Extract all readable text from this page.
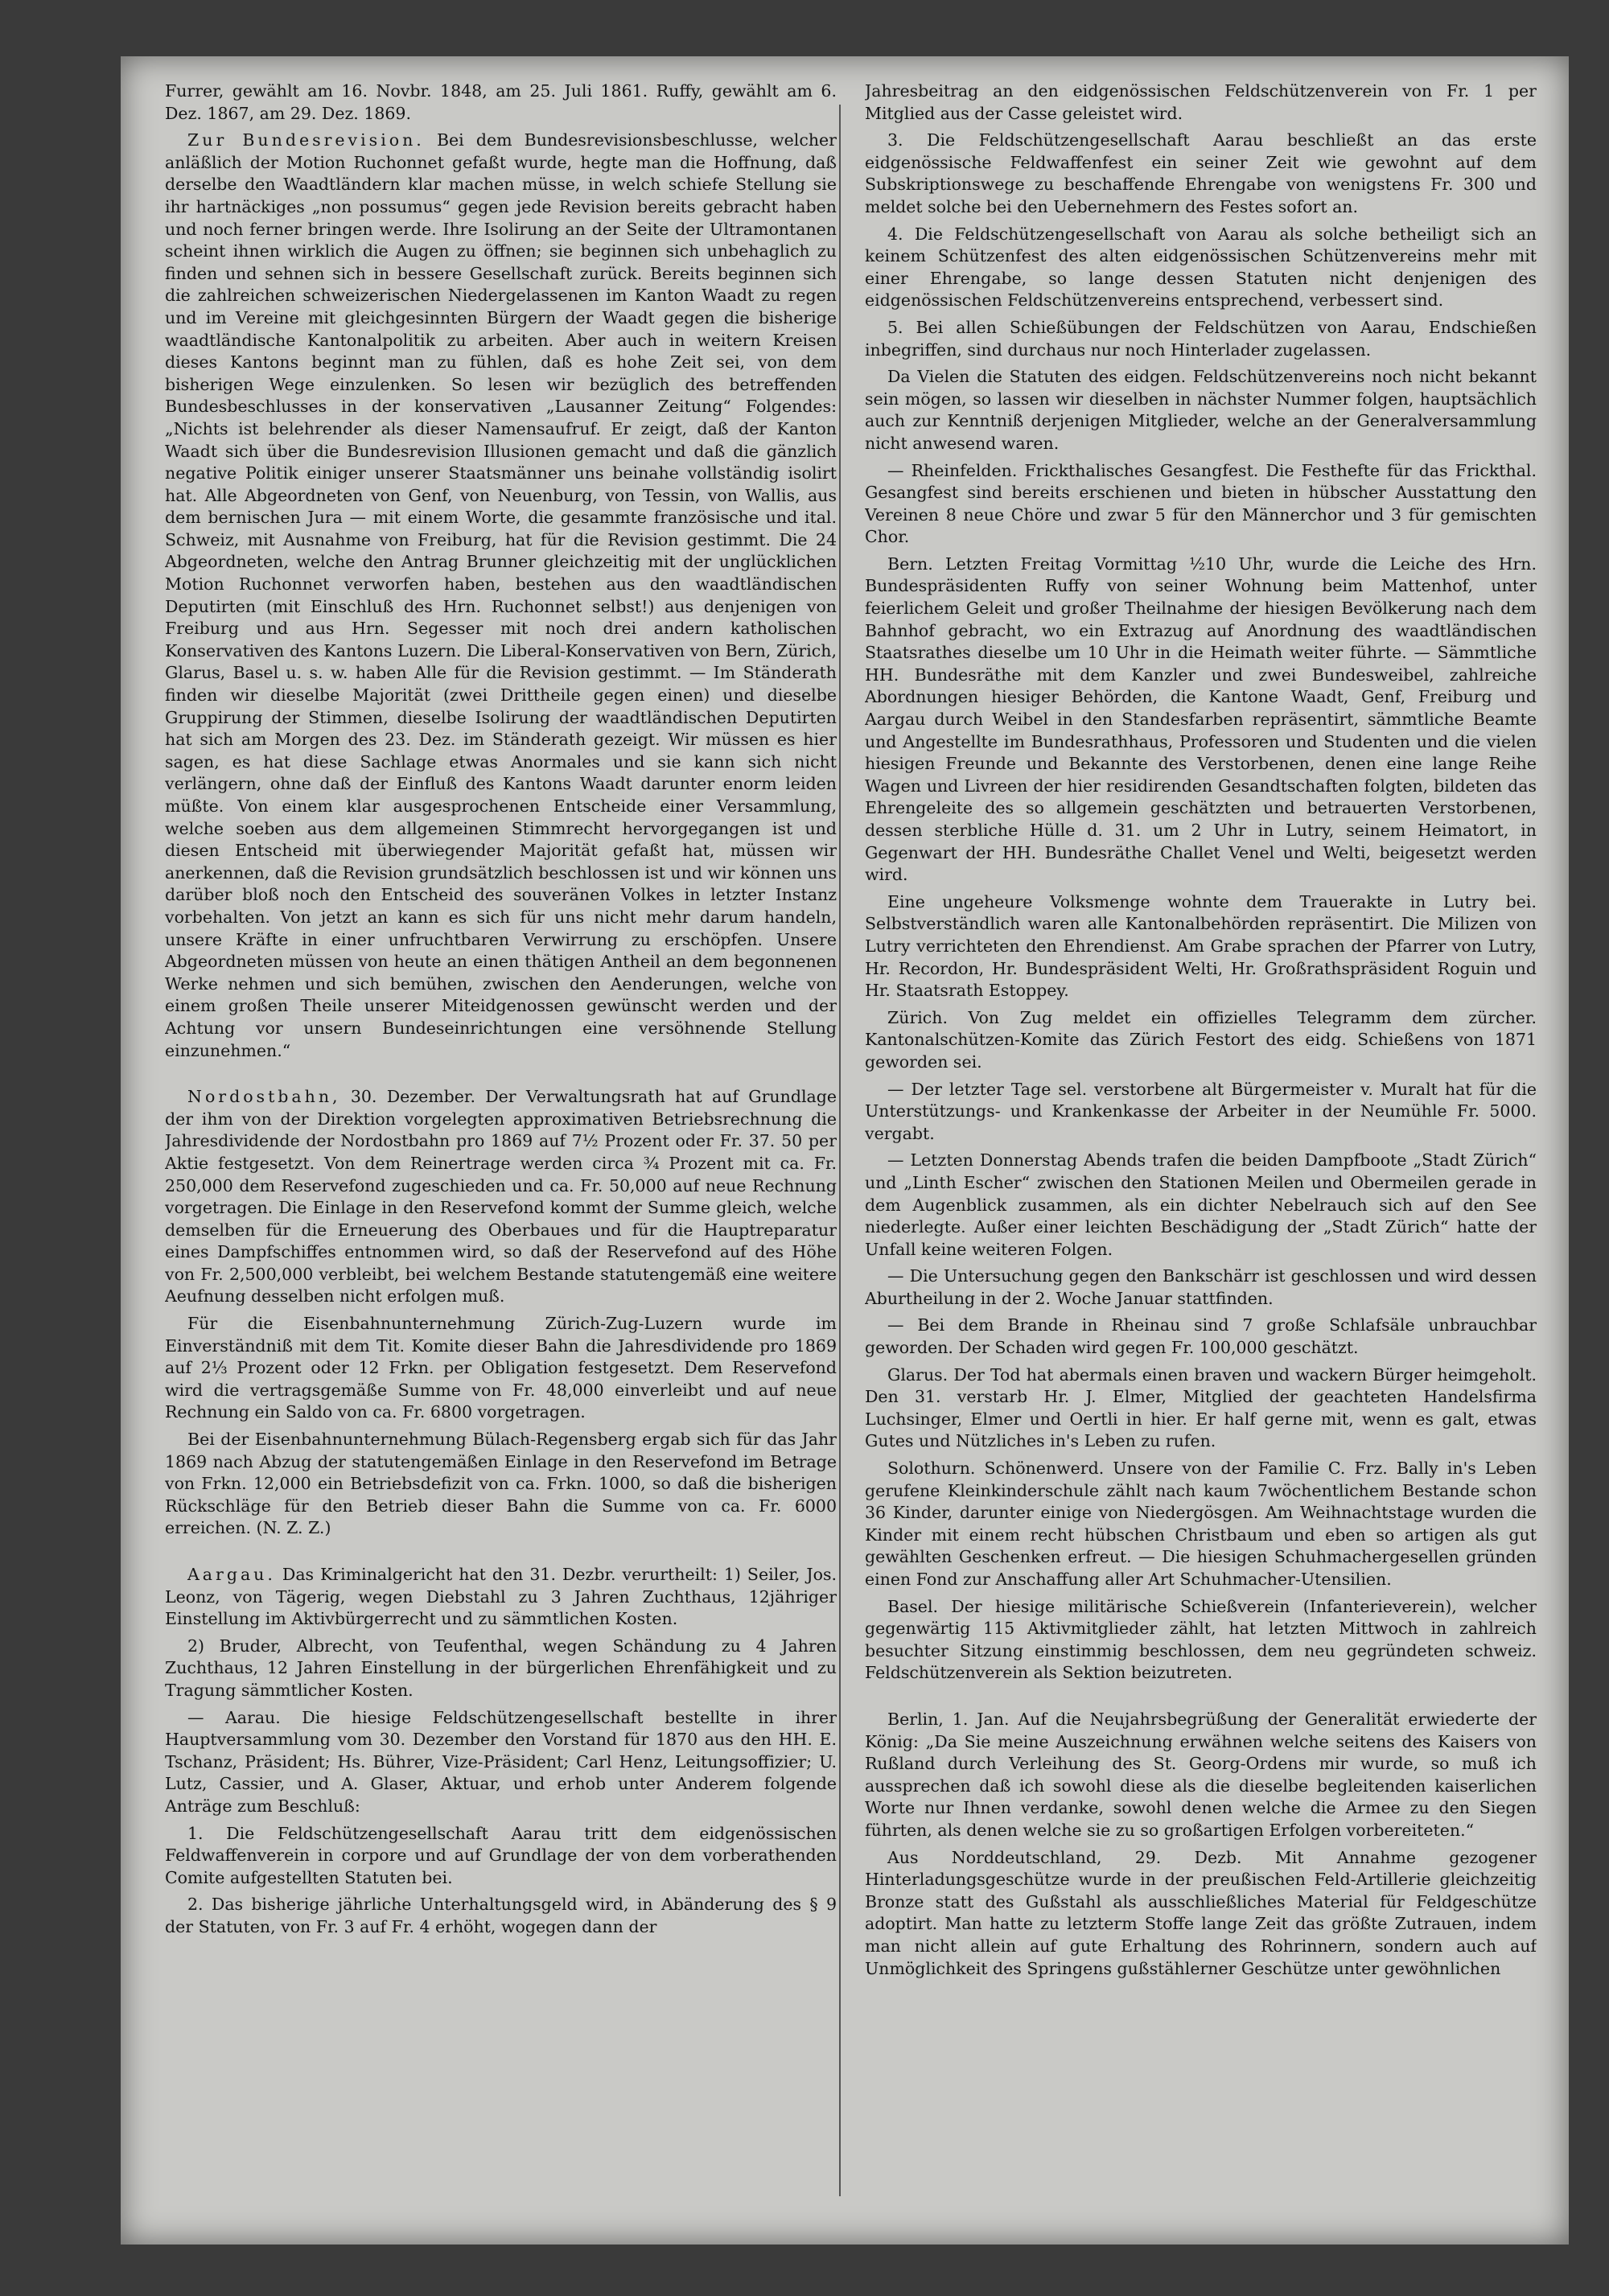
Furrer, gewählt am 16. Novbr. 1848, am 25. Juli 1861. Ruffy, gewählt am 6. Dez. 1867, am 29. Dez. 1869.

Zur Bundesrevision. Bei dem Bundesrevisionsbeschlusse, welcher anläßlich der Motion Ruchonnet gefaßt wurde, hegte man die Hoffnung, daß derselbe den Waadtländern klar machen müsse, in welch schiefe Stellung sie ihr hartnäckiges „non possumus“ gegen jede Revision bereits gebracht haben und noch ferner bringen werde. Ihre Isolirung an der Seite der Ultramontanen scheint ihnen wirklich die Augen zu öffnen; sie beginnen sich unbehaglich zu finden und sehnen sich in bessere Gesellschaft zurück. Bereits beginnen sich die zahlreichen schweizerischen Niedergelassenen im Kanton Waadt zu regen und im Vereine mit gleichgesinnten Bürgern der Waadt gegen die bisherige waadtländische Kantonalpolitik zu arbeiten. Aber auch in weitern Kreisen dieses Kantons beginnt man zu fühlen, daß es hohe Zeit sei, von dem bisherigen Wege einzulenken. So lesen wir bezüglich des betreffenden Bundesbeschlusses in der konservativen „Lausanner Zeitung“ Folgendes: „Nichts ist belehrender als dieser Namensaufruf. Er zeigt, daß der Kanton Waadt sich über die Bundesrevision Illusionen gemacht und daß die gänzlich negative Politik einiger unserer Staatsmänner uns beinahe vollständig isolirt hat. Alle Abgeordneten von Genf, von Neuenburg, von Tessin, von Wallis, aus dem bernischen Jura — mit einem Worte, die gesammte französische und ital. Schweiz, mit Ausnahme von Freiburg, hat für die Revision gestimmt. Die 24 Abgeordneten, welche den Antrag Brunner gleichzeitig mit der unglücklichen Motion Ruchonnet verworfen haben, bestehen aus den waadtländischen Deputirten (mit Einschluß des Hrn. Ruchonnet selbst!) aus denjenigen von Freiburg und aus Hrn. Segesser mit noch drei andern katholischen Konservativen des Kantons Luzern. Die Liberal-Konservativen von Bern, Zürich, Glarus, Basel u. s. w. haben Alle für die Revision gestimmt. — Im Ständerath finden wir dieselbe Majorität (zwei Drittheile gegen einen) und dieselbe Gruppirung der Stimmen, dieselbe Isolirung der waadtländischen Deputirten hat sich am Morgen des 23. Dez. im Ständerath gezeigt. Wir müssen es hier sagen, es hat diese Sachlage etwas Anormales und sie kann sich nicht verlängern, ohne daß der Einfluß des Kantons Waadt darunter enorm leiden müßte. Von einem klar ausgesprochenen Entscheide einer Versammlung, welche soeben aus dem allgemeinen Stimmrecht hervorgegangen ist und diesen Entscheid mit überwiegender Majorität gefaßt hat, müssen wir anerkennen, daß die Revision grundsätzlich beschlossen ist und wir können uns darüber bloß noch den Entscheid des souveränen Volkes in letzter Instanz vorbehalten. Von jetzt an kann es sich für uns nicht mehr darum handeln, unsere Kräfte in einer unfruchtbaren Verwirrung zu erschöpfen. Unsere Abgeordneten müssen von heute an einen thätigen Antheil an dem begonnenen Werke nehmen und sich bemühen, zwischen den Aenderungen, welche von einem großen Theile unserer Miteidgenossen gewünscht werden und der Achtung vor unsern Bundeseinrichtungen eine versöhnende Stellung einzunehmen.“

Nordostbahn, 30. Dezember. Der Verwaltungsrath hat auf Grundlage der ihm von der Direktion vorgelegten approximativen Betriebsrechnung die Jahresdividende der Nordostbahn pro 1869 auf 7½ Prozent oder Fr. 37. 50 per Aktie festgesetzt. Von dem Reinertrage werden circa ¾ Prozent mit ca. Fr. 250,000 dem Reservefond zugeschieden und ca. Fr. 50,000 auf neue Rechnung vorgetragen. Die Einlage in den Reservefond kommt der Summe gleich, welche demselben für die Erneuerung des Oberbaues und für die Hauptreparatur eines Dampfschiffes entnommen wird, so daß der Reservefond auf des Höhe von Fr. 2,500,000 verbleibt, bei welchem Bestande statutengemäß eine weitere Aeufnung desselben nicht erfolgen muß.

Für die Eisenbahnunternehmung Zürich-Zug-Luzern wurde im Einverständniß mit dem Tit. Komite dieser Bahn die Jahresdividende pro 1869 auf 2⅓ Prozent oder 12 Frkn. per Obligation festgesetzt. Dem Reservefond wird die vertragsgemäße Summe von Fr. 48,000 einverleibt und auf neue Rechnung ein Saldo von ca. Fr. 6800 vorgetragen.

Bei der Eisenbahnunternehmung Bülach-Regensberg ergab sich für das Jahr 1869 nach Abzug der statutengemäßen Einlage in den Reservefond im Betrage von Frkn. 12,000 ein Betriebsdefizit von ca. Frkn. 1000, so daß die bisherigen Rückschläge für den Betrieb dieser Bahn die Summe von ca. Fr. 6000 erreichen. (N. Z. Z.)

Aargau. Das Kriminalgericht hat den 31. Dezbr. verurtheilt: 1) Seiler, Jos. Leonz, von Tägerig, wegen Diebstahl zu 3 Jahren Zuchthaus, 12jähriger Einstellung im Aktivbürgerrecht und zu sämmtlichen Kosten.

2) Bruder, Albrecht, von Teufenthal, wegen Schändung zu 4 Jahren Zuchthaus, 12 Jahren Einstellung in der bürgerlichen Ehrenfähigkeit und zu Tragung sämmtlicher Kosten.

— Aarau. Die hiesige Feldschützengesellschaft bestellte in ihrer Hauptversammlung vom 30. Dezember den Vorstand für 1870 aus den HH. E. Tschanz, Präsident; Hs. Bührer, Vize-Präsident; Carl Henz, Leitungsoffizier; U. Lutz, Cassier, und A. Glaser, Aktuar, und erhob unter Anderem folgende Anträge zum Beschluß:

1. Die Feldschützengesellschaft Aarau tritt dem eidgenössischen Feldwaffenverein in corpore und auf Grundlage der von dem vorberathenden Comite aufgestellten Statuten bei.

2. Das bisherige jährliche Unterhaltungsgeld wird, in Abänderung des § 9 der Statuten, von Fr. 3 auf Fr. 4 erhöht, wogegen dann der

Jahresbeitrag an den eidgenössischen Feldschützenverein von Fr. 1 per Mitglied aus der Casse geleistet wird.

3. Die Feldschützengesellschaft Aarau beschließt an das erste eidgenössische Feldwaffenfest ein seiner Zeit wie gewohnt auf dem Subskriptionswege zu beschaffende Ehrengabe von wenigstens Fr. 300 und meldet solche bei den Uebernehmern des Festes sofort an.

4. Die Feldschützengesellschaft von Aarau als solche betheiligt sich an keinem Schützenfest des alten eidgenössischen Schützenvereins mehr mit einer Ehrengabe, so lange dessen Statuten nicht denjenigen des eidgenössischen Feldschützenvereins entsprechend, verbessert sind.

5. Bei allen Schießübungen der Feldschützen von Aarau, Endschießen inbegriffen, sind durchaus nur noch Hinterlader zugelassen.

Da Vielen die Statuten des eidgen. Feldschützenvereins noch nicht bekannt sein mögen, so lassen wir dieselben in nächster Nummer folgen, hauptsächlich auch zur Kenntniß derjenigen Mitglieder, welche an der Generalversammlung nicht anwesend waren.

— Rheinfelden. Frickthalisches Gesangfest. Die Festhefte für das Frickthal. Gesangfest sind bereits erschienen und bieten in hübscher Ausstattung den Vereinen 8 neue Chöre und zwar 5 für den Männerchor und 3 für gemischten Chor.

Bern. Letzten Freitag Vormittag ½10 Uhr, wurde die Leiche des Hrn. Bundespräsidenten Ruffy von seiner Wohnung beim Mattenhof, unter feierlichem Geleit und großer Theilnahme der hiesigen Bevölkerung nach dem Bahnhof gebracht, wo ein Extrazug auf Anordnung des waadtländischen Staatsrathes dieselbe um 10 Uhr in die Heimath weiter führte. — Sämmtliche HH. Bundesräthe mit dem Kanzler und zwei Bundesweibel, zahlreiche Abordnungen hiesiger Behörden, die Kantone Waadt, Genf, Freiburg und Aargau durch Weibel in den Standesfarben repräsentirt, sämmtliche Beamte und Angestellte im Bundesrathhaus, Professoren und Studenten und die vielen hiesigen Freunde und Bekannte des Verstorbenen, denen eine lange Reihe Wagen und Livreen der hier residirenden Gesandtschaften folgten, bildeten das Ehrengeleite des so allgemein geschätzten und betrauerten Verstorbenen, dessen sterbliche Hülle d. 31. um 2 Uhr in Lutry, seinem Heimatort, in Gegenwart der HH. Bundesräthe Challet Venel und Welti, beigesetzt werden wird.

Eine ungeheure Volksmenge wohnte dem Trauerakte in Lutry bei. Selbstverständlich waren alle Kantonalbehörden repräsentirt. Die Milizen von Lutry verrichteten den Ehrendienst. Am Grabe sprachen der Pfarrer von Lutry, Hr. Recordon, Hr. Bundespräsident Welti, Hr. Großrathspräsident Roguin und Hr. Staatsrath Estoppey.

Zürich. Von Zug meldet ein offizielles Telegramm dem zürcher. Kantonalschützen-Komite das Zürich Festort des eidg. Schießens von 1871 geworden sei.

— Der letzter Tage sel. verstorbene alt Bürgermeister v. Muralt hat für die Unterstützungs- und Krankenkasse der Arbeiter in der Neumühle Fr. 5000. vergabt.

— Letzten Donnerstag Abends trafen die beiden Dampfboote „Stadt Zürich“ und „Linth Escher“ zwischen den Stationen Meilen und Obermeilen gerade in dem Augenblick zusammen, als ein dichter Nebelrauch sich auf den See niederlegte. Außer einer leichten Beschädigung der „Stadt Zürich“ hatte der Unfall keine weiteren Folgen.

— Die Untersuchung gegen den Bankschärr ist geschlossen und wird dessen Aburtheilung in der 2. Woche Januar stattfinden.

— Bei dem Brande in Rheinau sind 7 große Schlafsäle unbrauchbar geworden. Der Schaden wird gegen Fr. 100,000 geschätzt.

Glarus. Der Tod hat abermals einen braven und wackern Bürger heimgeholt. Den 31. verstarb Hr. J. Elmer, Mitglied der geachteten Handelsfirma Luchsinger, Elmer und Oertli in hier. Er half gerne mit, wenn es galt, etwas Gutes und Nützliches in's Leben zu rufen.

Solothurn. Schönenwerd. Unsere von der Familie C. Frz. Bally in's Leben gerufene Kleinkinderschule zählt nach kaum 7wöchentlichem Bestande schon 36 Kinder, darunter einige von Niedergösgen. Am Weihnachtstage wurden die Kinder mit einem recht hübschen Christbaum und eben so artigen als gut gewählten Geschenken erfreut. — Die hiesigen Schuhmachergesellen gründen einen Fond zur Anschaffung aller Art Schuhmacher-Utensilien.

Basel. Der hiesige militärische Schießverein (Infanterieverein), welcher gegenwärtig 115 Aktivmitglieder zählt, hat letzten Mittwoch in zahlreich besuchter Sitzung einstimmig beschlossen, dem neu gegründeten schweiz. Feldschützenverein als Sektion beizutreten.

Berlin, 1. Jan. Auf die Neujahrsbegrüßung der Generalität erwiederte der König: „Da Sie meine Auszeichnung erwähnen welche seitens des Kaisers von Rußland durch Verleihung des St. Georg-Ordens mir wurde, so muß ich aussprechen daß ich sowohl diese als die dieselbe begleitenden kaiserlichen Worte nur Ihnen verdanke, sowohl denen welche die Armee zu den Siegen führten, als denen welche sie zu so großartigen Erfolgen vorbereiteten.“

Aus Norddeutschland, 29. Dezb. Mit Annahme gezogener Hinterladungsgeschütze wurde in der preußischen Feld-Artillerie gleichzeitig Bronze statt des Gußstahl als ausschließliches Material für Feldgeschütze adoptirt. Man hatte zu letzterm Stoffe lange Zeit das größte Zutrauen, indem man nicht allein auf gute Erhaltung des Rohrinnern, sondern auch auf Unmöglichkeit des Springens gußstählerner Geschütze unter gewöhnlichen
